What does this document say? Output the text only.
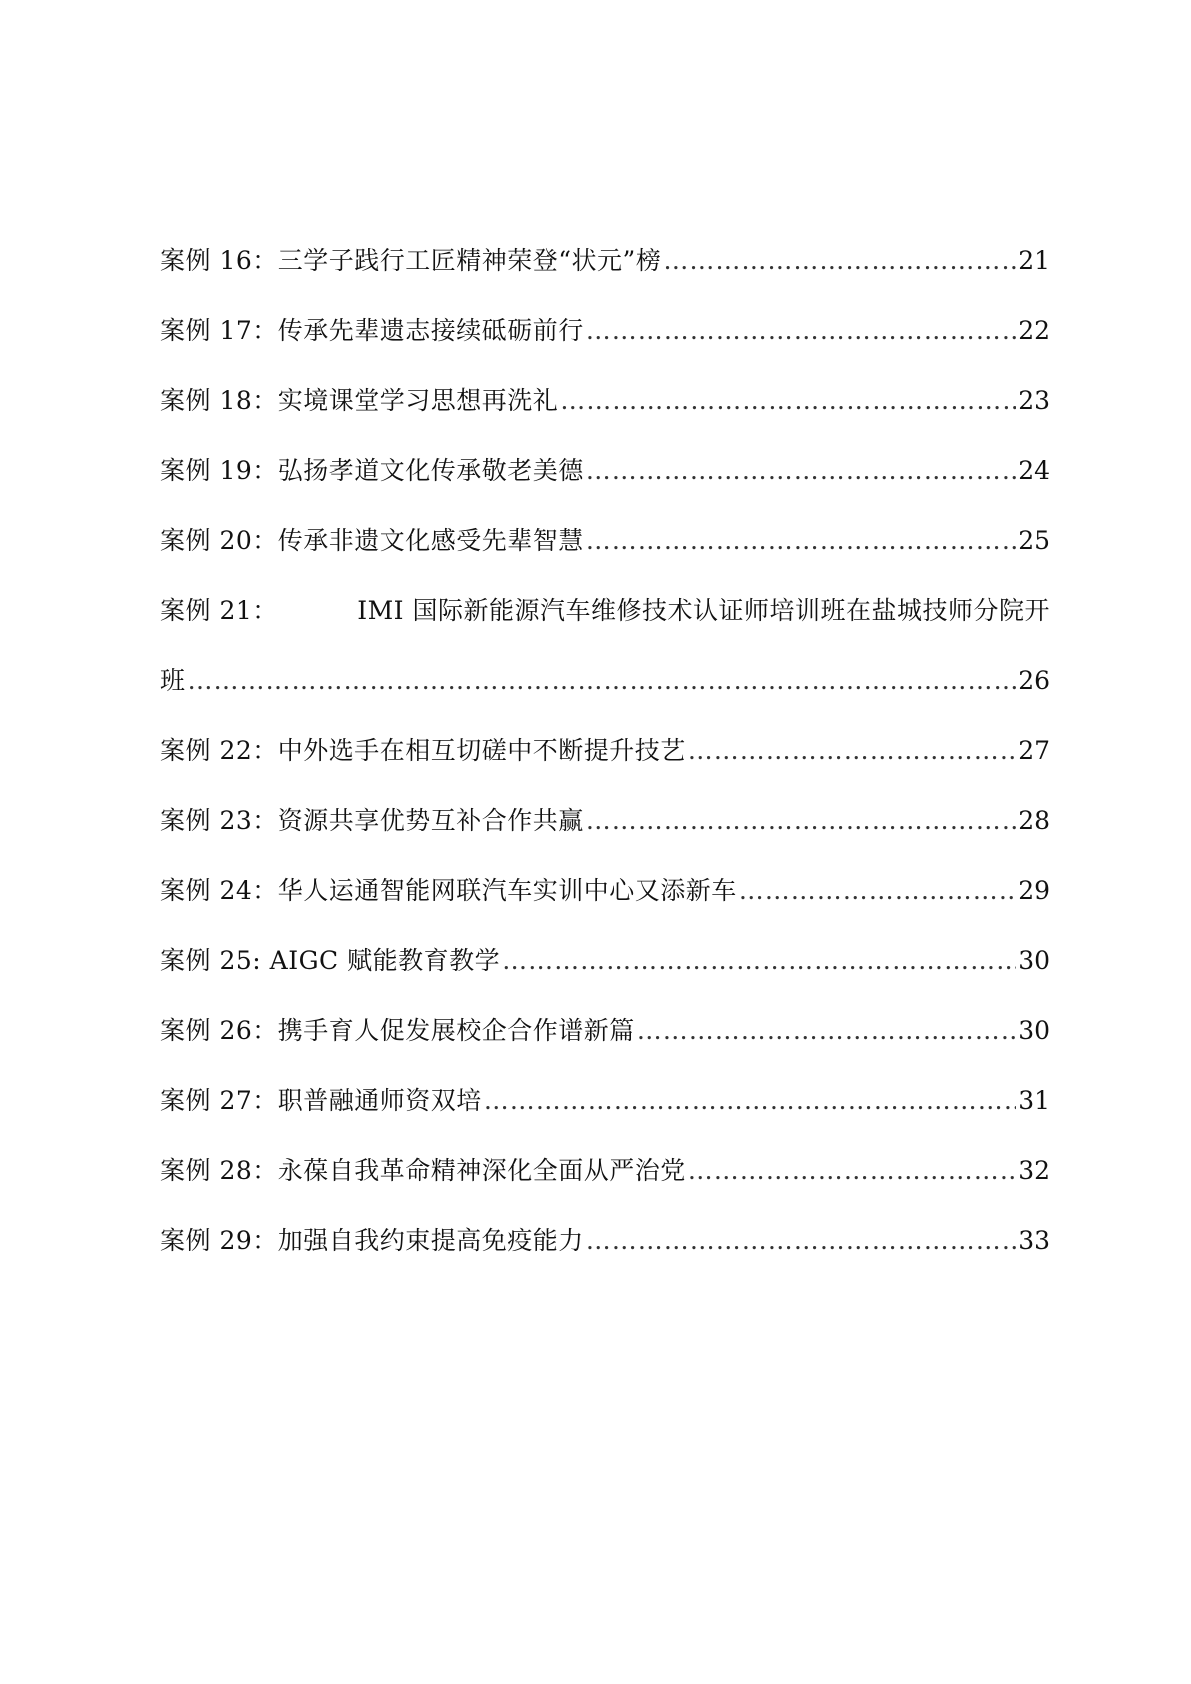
案例 16：三学子践行工匠精神荣登“状元”榜 ………………………………………………………………………………………………………………………………………………	21
案例 17：传承先辈遗志接续砥砺前行 ………………………………………………………………………………………………………………………………………………	22
案例 18：实境课堂学习思想再洗礼 ………………………………………………………………………………………………………………………………………………	23
案例 19：弘扬孝道文化传承敬老美德 ………………………………………………………………………………………………………………………………………………	24
案例 20：传承非遗文化感受先辈智慧 ………………………………………………………………………………………………………………………………………………	25
案例 21：	IMI 国际新能源汽车维修技术认证师培训班在盐城技师分院开
班 ………………………………………………………………………………………………………………………………………………	26
案例 22：中外选手在相互切磋中不断提升技艺 ………………………………………………………………………………………………………………………………………………	27
案例 23：资源共享优势互补合作共赢 ………………………………………………………………………………………………………………………………………………	28
案例 24：华人运通智能网联汽车实训中心又添新车 ………………………………………………………………………………………………………………………………………………	29
案例 25: AIGC 赋能教育教学 ………………………………………………………………………………………………………………………………………………	30
案例 26：携手育人促发展校企合作谱新篇 ………………………………………………………………………………………………………………………………………………	30
案例 27：职普融通师资双培 ………………………………………………………………………………………………………………………………………………	31
案例 28：永葆自我革命精神深化全面从严治党 ………………………………………………………………………………………………………………………………………………	32
案例 29：加强自我约束提高免疫能力 ………………………………………………………………………………………………………………………………………………	33
